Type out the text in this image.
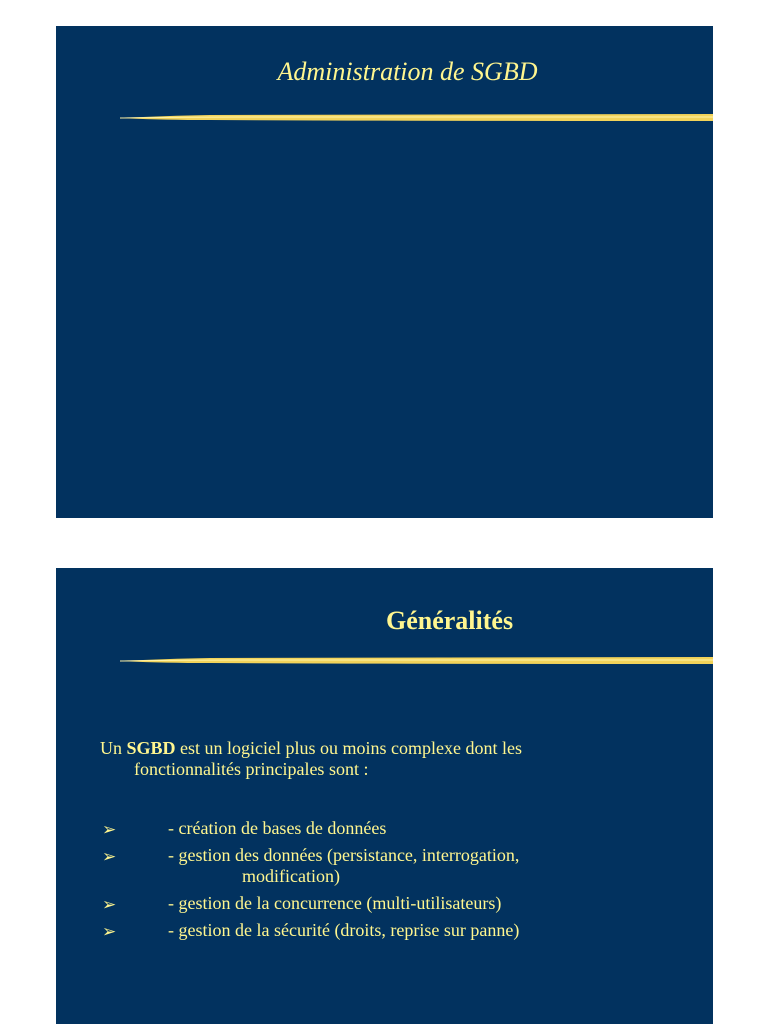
Administration de SGBD
Généralités

Un SGBD est un logiciel plus ou moins complexe dont les

fonctionnalités principales sont :

➢	- création de bases de données
➢	- gestion des données (persistance, interrogation,
modification)
➢	- gestion de la concurrence (multi-utilisateurs)
➢	- gestion de la sécurité (droits, reprise sur panne)
